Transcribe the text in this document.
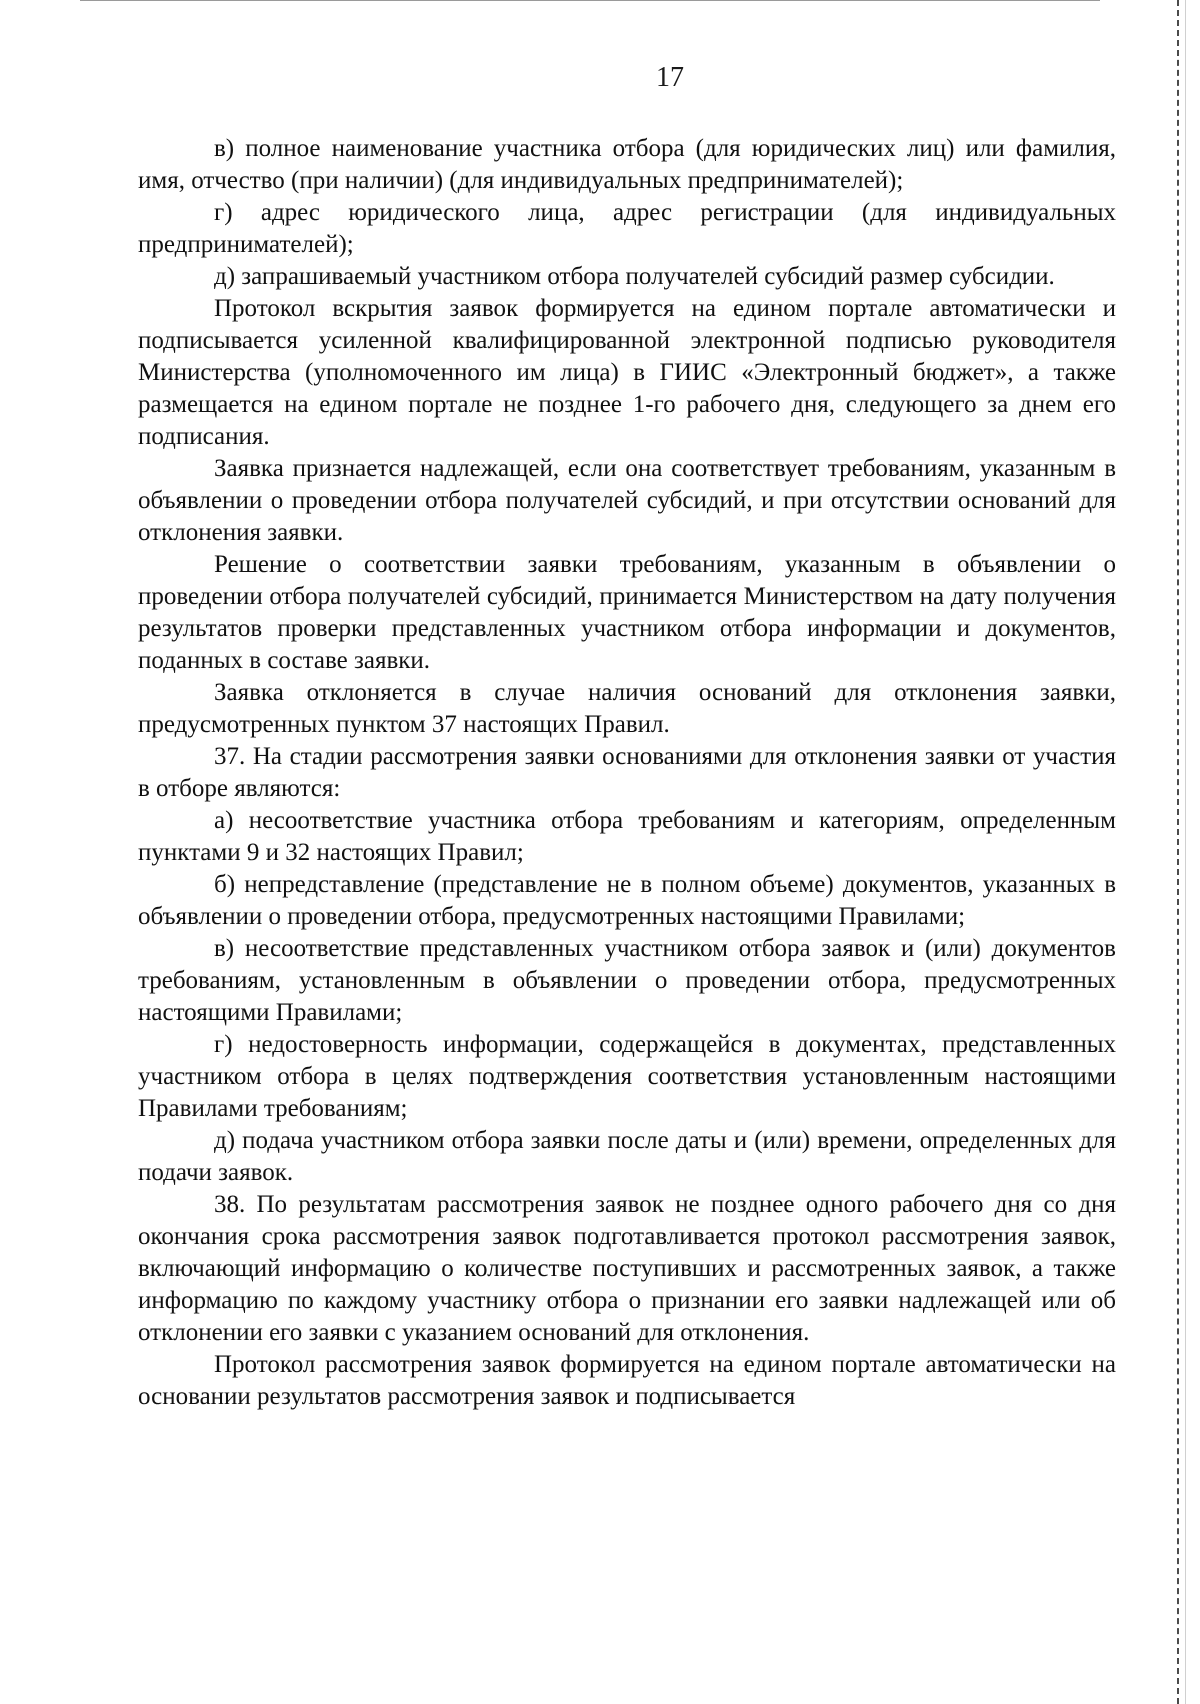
17

в) полное наименование участника отбора (для юридических лиц) или фамилия, имя, отчество (при наличии) (для индивидуальных предпринимателей);

г) адрес юридического лица, адрес регистрации (для индивидуальных предпринимателей);

д) запрашиваемый участником отбора получателей субсидий размер субсидии.

Протокол вскрытия заявок формируется на едином портале автоматически и подписывается усиленной квалифицированной электронной подписью руководителя Министерства (уполномоченного им лица) в ГИИС «Электронный бюджет», а также размещается на едином портале не позднее 1-го рабочего дня, следующего за днем его подписания.

Заявка признается надлежащей, если она соответствует требованиям, указанным в объявлении о проведении отбора получателей субсидий, и при отсутствии оснований для отклонения заявки.

Решение о соответствии заявки требованиям, указанным в объявлении о проведении отбора получателей субсидий, принимается Министерством на дату получения результатов проверки представленных участником отбора информации и документов, поданных в составе заявки.

Заявка отклоняется в случае наличия оснований для отклонения заявки, предусмотренных пунктом 37 настоящих Правил.

37. На стадии рассмотрения заявки основаниями для отклонения заявки от участия в отборе являются:

а) несоответствие участника отбора требованиям и категориям, определенным пунктами 9 и 32 настоящих Правил;

б) непредставление (представление не в полном объеме) документов, указанных в объявлении о проведении отбора, предусмотренных настоящими Правилами;

в) несоответствие представленных участником отбора заявок и (или) документов требованиям, установленным в объявлении о проведении отбора, предусмотренных настоящими Правилами;

г) недостоверность информации, содержащейся в документах, представленных участником отбора в целях подтверждения соответствия установленным настоящими Правилами требованиям;

д) подача участником отбора заявки после даты и (или) времени, определенных для подачи заявок.

38. По результатам рассмотрения заявок не позднее одного рабочего дня со дня окончания срока рассмотрения заявок подготавливается протокол рассмотрения заявок, включающий информацию о количестве поступивших и рассмотренных заявок, а также информацию по каждому участнику отбора о признании его заявки надлежащей или об отклонении его заявки с указанием оснований для отклонения.

Протокол рассмотрения заявок формируется на едином портале автоматически на основании результатов рассмотрения заявок и подписывается
